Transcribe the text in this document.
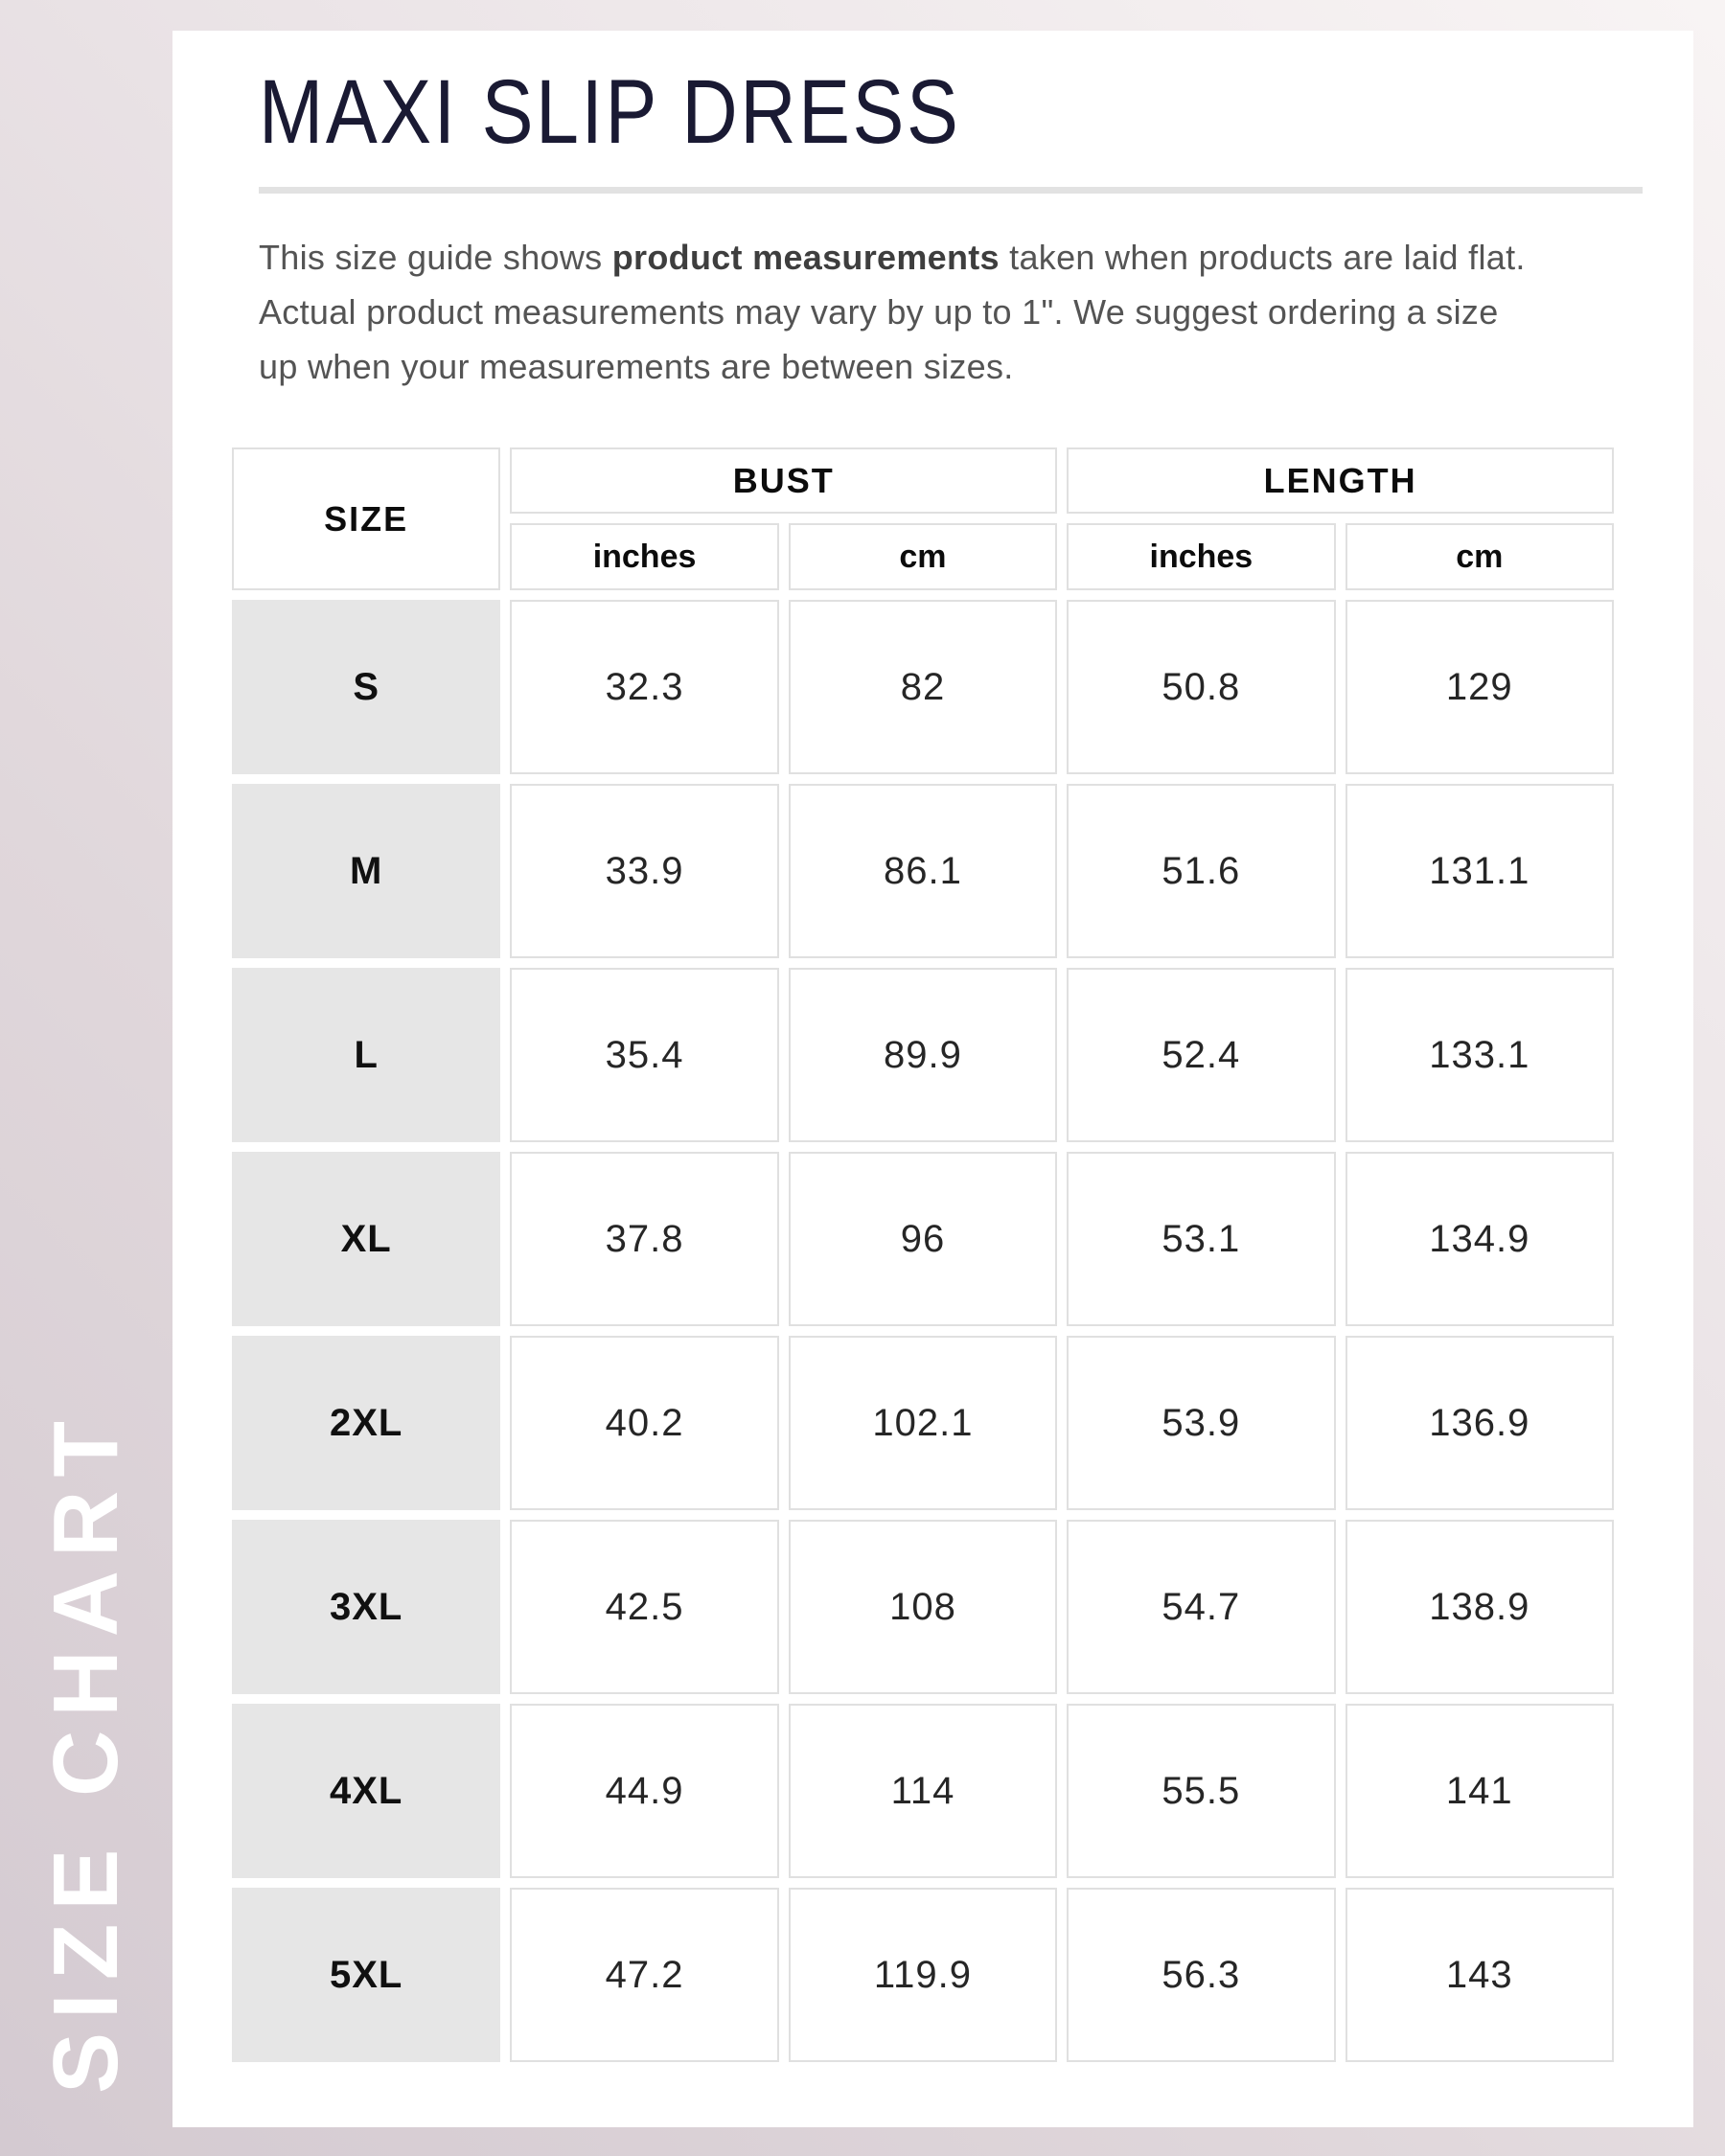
SIZE CHART
MAXI SLIP DRESS

This size guide shows product measurements taken when products are laid flat.
Actual product measurements may vary by up to 1". We suggest ordering a size
up when your measurements are between sizes.

SIZE	BUST		LENGTH	
	inches	cm	inches	cm
S	32.3	82	50.8	129
M	33.9	86.1	51.6	131.1
L	35.4	89.9	52.4	133.1
XL	37.8	96	53.1	134.9
2XL	40.2	102.1	53.9	136.9
3XL	42.5	108	54.7	138.9
4XL	44.9	114	55.5	141
5XL	47.2	119.9	56.3	143
